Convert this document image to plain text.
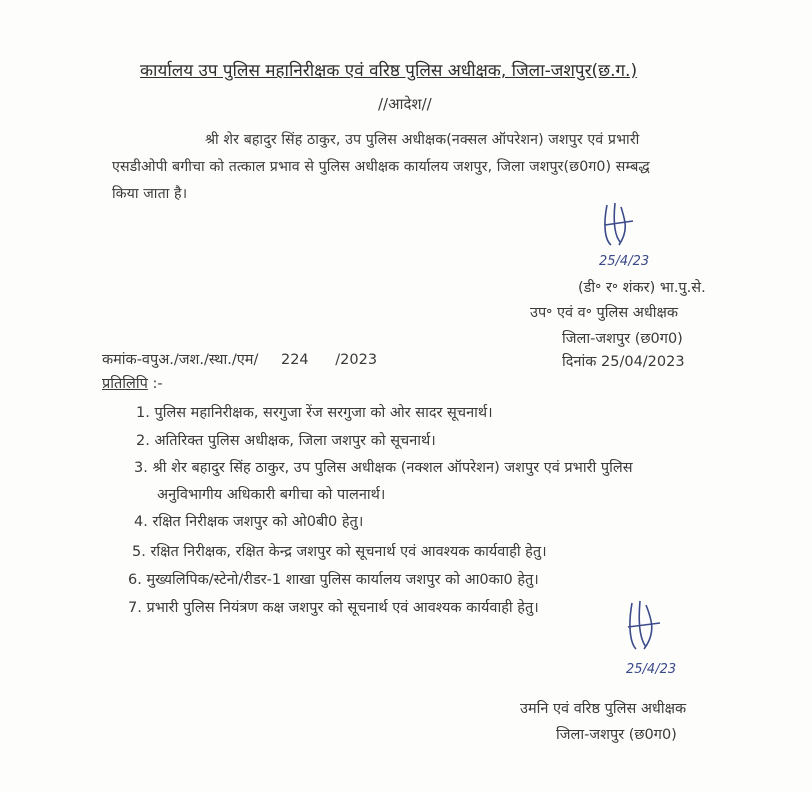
कार्यालय उप पुलिस महानिरीक्षक एवं वरिष्ठ पुलिस अधीक्षक, जिला-जशपुर(छ.ग.)
//आदेश//
श्री शेर बहादुर सिंह ठाकुर, उप पुलिस अधीक्षक(नक्सल ऑपरेशन) जशपुर एवं प्रभारी
एसडीओपी बगीचा को तत्काल प्रभाव से पुलिस अधीक्षक कार्यालय जशपुर, जिला जशपुर(छ0ग0) सम्बद्ध
किया जाता है।
25/4/23
(डी॰ र॰ शंकर) भा.पु.से.
उप॰ एवं व॰ पुलिस अधीक्षक
जिला-जशपुर (छ0ग0)
दिनांक 25/04/2023
कमांक-वपुअ./जश./स्था./एम/ 224 /2023
प्रतिलिपि :-
1. पुलिस महानिरीक्षक, सरगुजा रेंज सरगुजा को ओर सादर सूचनार्थ।
2. अतिरिक्त पुलिस अधीक्षक, जिला जशपुर को सूचनार्थ।
3. श्री शेर बहादुर सिंह ठाकुर, उप पुलिस अधीक्षक (नक्शल ऑपरेशन) जशपुर एवं प्रभारी पुलिस
अनुविभागीय अधिकारी बगीचा को पालनार्थ।
4. रक्षित निरीक्षक जशपुर को ओ0बी0 हेतु।
5. रक्षित निरीक्षक, रक्षित केन्द्र जशपुर को सूचनार्थ एवं आवश्यक कार्यवाही हेतु।
6. मुख्यलिपिक/स्टेनो/रीडर-1 शाखा पुलिस कार्यालय जशपुर को आ0का0 हेतु।
7. प्रभारी पुलिस नियंत्रण कक्ष जशपुर को सूचनार्थ एवं आवश्यक कार्यवाही हेतु।
25/4/23
उमनि एवं वरिष्ठ पुलिस अधीक्षक
जिला-जशपुर (छ0ग0)
